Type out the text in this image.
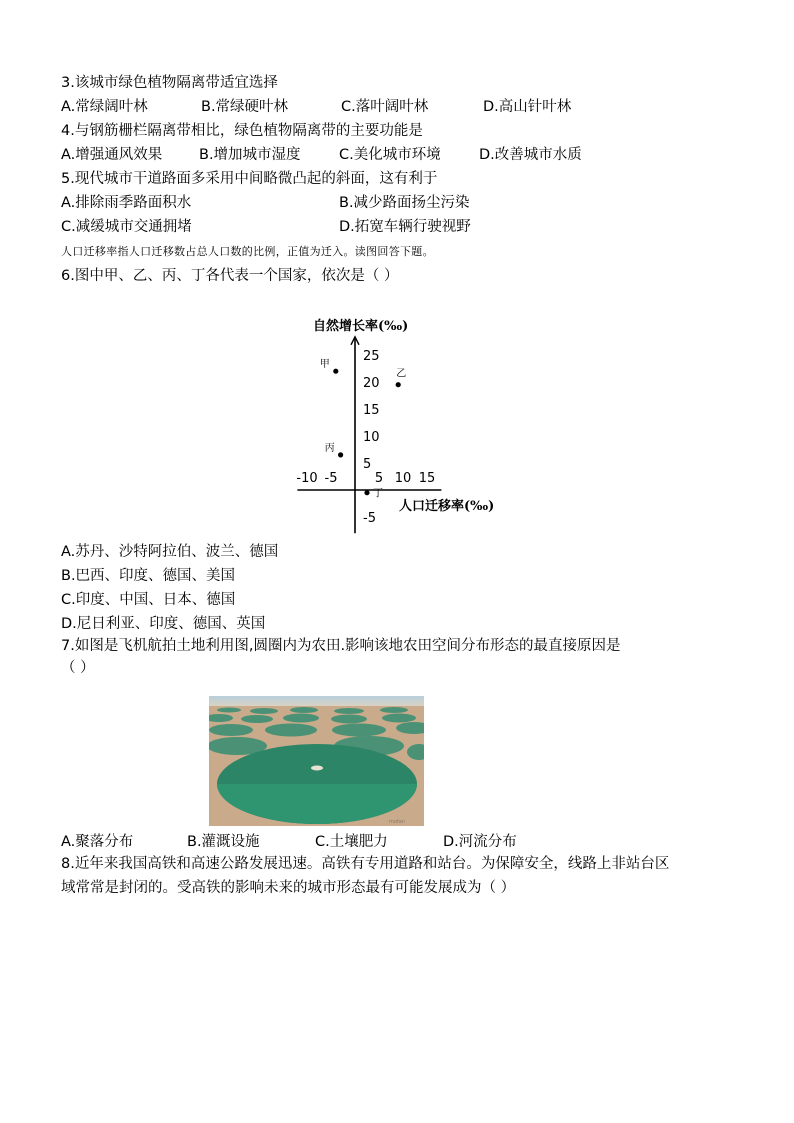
3.该城市绿色植物隔离带适宜选择
A.常绿阔叶林	B.常绿硬叶林	C.落叶阔叶林	D.高山针叶林
4.与钢筋栅栏隔离带相比，绿色植物隔离带的主要功能是
A.增强通风效果	B.增加城市湿度	C.美化城市环境	D.改善城市水质
5.现代城市干道路面多采用中间略微凸起的斜面，这有利于
A.排除雨季路面积水	B.减少路面扬尘污染
C.减缓城市交通拥堵	D.拓宽车辆行驶视野
人口迁移率指人口迁移数占总人口数的比例，正值为迁入。读图回答下题。
6.图中甲、乙、丙、丁各代表一个国家，依次是（ ）
-10 -5	5 10 15
25
20
15
10
5
-5
甲
乙
丙
丁
自然增长率(‰)
人口迁移率(‰)
A.苏丹、沙特阿拉伯、波兰、德国
B.巴西、印度、德国、美国
C.印度、中国、日本、德国
D.尼日利亚、印度、德国、英国
7.如图是飞机航拍土地利用图,圆圈内为农田.影响该地农田空间分布形态的最直接原因是
（ ）
mofan
A.聚落分布	B.灌溉设施	C.土壤肥力	D.河流分布
8.近年来我国高铁和高速公路发展迅速。高铁有专用道路和站台。为保障安全，线路上非站台区
域常常是封闭的。受高铁的影响未来的城市形态最有可能发展成为（ ）
